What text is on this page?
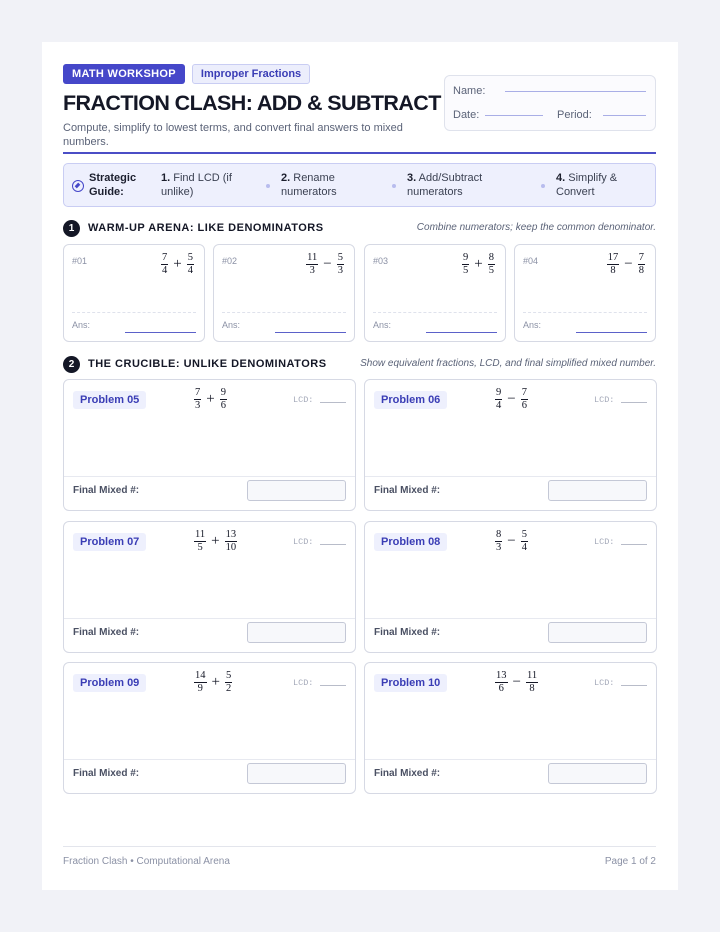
MATH WORKSHOP	Improper Fractions
FRACTION CLASH: ADD & SUBTRACT
Compute, simplify to lowest terms, and convert final answers to mixed numbers.
Name:
Date:	Period:
Strategic Guide:
1. Find LCD (if unlike)
2. Rename numerators
3. Add/Subtract numerators
4. Simplify & Convert
1	WARM-UP ARENA: LIKE DENOMINATORS	Combine numerators; keep the common denominator.
#01	$\frac{7}{4} + \frac{5}{4}$
Ans:
#02	$\frac{11}{3} - \frac{5}{3}$
Ans:
#03	$\frac{9}{5} + \frac{8}{5}$
Ans:
#04	$\frac{17}{8} - \frac{7}{8}$
Ans:
2	THE CRUCIBLE: UNLIKE DENOMINATORS	Show equivalent fractions, LCD, and final simplified mixed number.
Problem 05	$\frac{7}{3} + \frac{9}{6}$	LCD:
Final Mixed #:
Problem 06	$\frac{9}{4} - \frac{7}{6}$	LCD:
Final Mixed #:
Problem 07	$\frac{11}{5} + \frac{13}{10}$	LCD:
Final Mixed #:
Problem 08	$\frac{8}{3} - \frac{5}{4}$	LCD:
Final Mixed #:
Problem 09	$\frac{14}{9} + \frac{5}{2}$	LCD:
Final Mixed #:
Problem 10	$\frac{13}{6} - \frac{11}{8}$	LCD:
Final Mixed #:
Fraction Clash • Computational Arena	Page 1 of 2
